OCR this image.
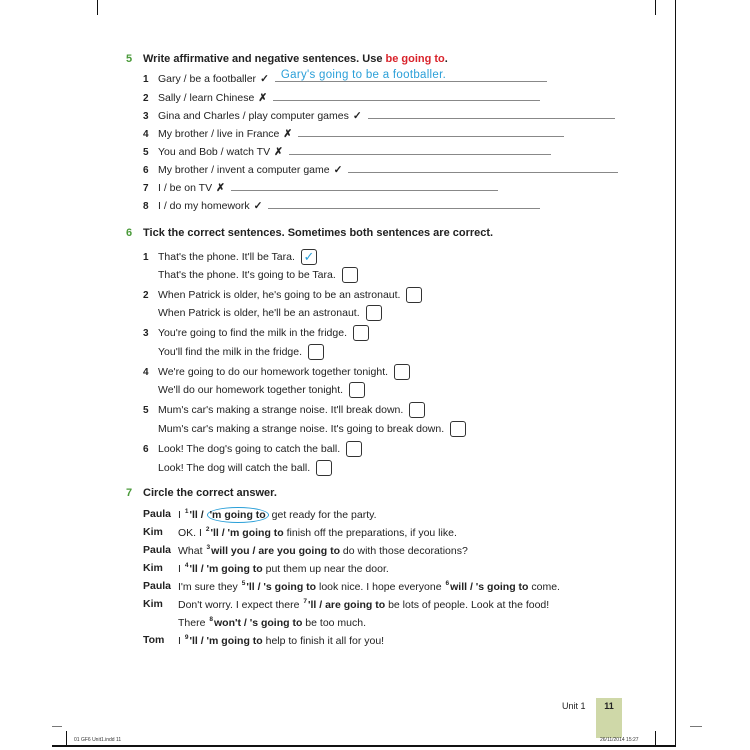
5 Write affirmative and negative sentences. Use be going to.
1 Gary / be a footballer ✓ Gary's going to be a footballer.
2 Sally / learn Chinese ✗
3 Gina and Charles / play computer games ✓
4 My brother / live in France ✗
5 You and Bob / watch TV ✗
6 My brother / invent a computer game ✓
7 I / be on TV ✗
8 I / do my homework ✓
6 Tick the correct sentences. Sometimes both sentences are correct.
1 That's the phone. It'll be Tara. ✓
That's the phone. It's going to be Tara.
2 When Patrick is older, he's going to be an astronaut.
When Patrick is older, he'll be an astronaut.
3 You're going to find the milk in the fridge.
You'll find the milk in the fridge.
4 We're going to do our homework together tonight.
We'll do our homework together tonight.
5 Mum's car's making a strange noise. It'll break down.
Mum's car's making a strange noise. It's going to break down.
6 Look! The dog's going to catch the ball.
Look! The dog will catch the ball.
7 Circle the correct answer.
Paula I $^1$'ll / 'm going to get ready for the party.
Kim OK. I $^2$'ll / 'm going to finish off the preparations, if you like.
Paula What $^3$will you / are you going to do with those decorations?
Kim I $^4$'ll / 'm going to put them up near the door.
Paula I'm sure they $^5$'ll / 's going to look nice. I hope everyone $^6$will / 's going to come.
Kim Don't worry. I expect there $^7$'ll / are going to be lots of people. Look at the food!
There $^8$won't / 's going to be too much.
Tom I $^9$'ll / 'm going to help to finish it all for you!
Unit 1	11
01 GF6 Unit1.indd 11	26/11/2014 15:27
